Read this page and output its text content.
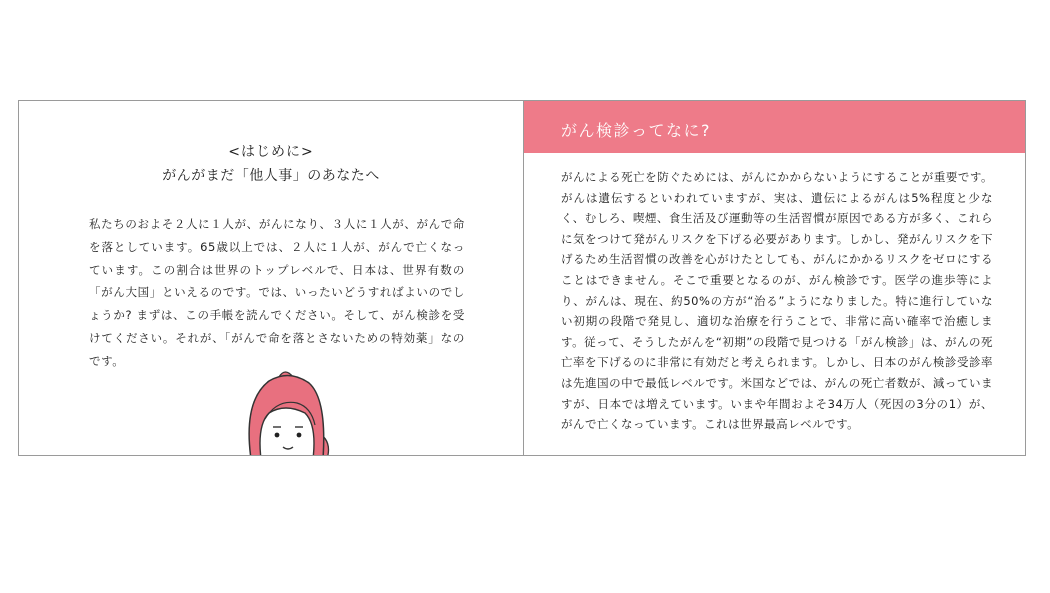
<はじめに>
がんがまだ「他人事」のあなたへ

私たちのおよそ２人に１人が、がんになり、３人に１人が、がんで命を落としています。65歳以上では、２人に１人が、がんで亡くなっています。この割合は世界のトップレベルで、日本は、世界有数の「がん大国」といえるのです。では、いったいどうすればよいのでしょうか? まずは、この手帳を読んでください。そして、がん検診を受けてください。それが、「がんで命を落とさないための特効薬」なのです。

がん検診ってなに?

がんによる死亡を防ぐためには、がんにかからないようにすることが重要です。がんは遺伝するといわれていますが、実は、遺伝によるがんは5%程度と少なく、むしろ、喫煙、食生活及び運動等の生活習慣が原因である方が多く、これらに気をつけて発がんリスクを下げる必要があります。しかし、発がんリスクを下げるため生活習慣の改善を心がけたとしても、がんにかかるリスクをゼロにすることはできません。そこで重要となるのが、がん検診です。医学の進歩等により、がんは、現在、約50%の方が“治る”ようになりました。特に進行していない初期の段階で発見し、適切な治療を行うことで、非常に高い確率で治癒します。従って、そうしたがんを“初期”の段階で見つける「がん検診」は、がんの死亡率を下げるのに非常に有効だと考えられます。しかし、日本のがん検診受診率は先進国の中で最低レベルです。米国などでは、がんの死亡者数が、減っていますが、日本では増えています。いまや年間およそ34万人（死因の3分の1）が、がんで亡くなっています。これは世界最高レベルです。
